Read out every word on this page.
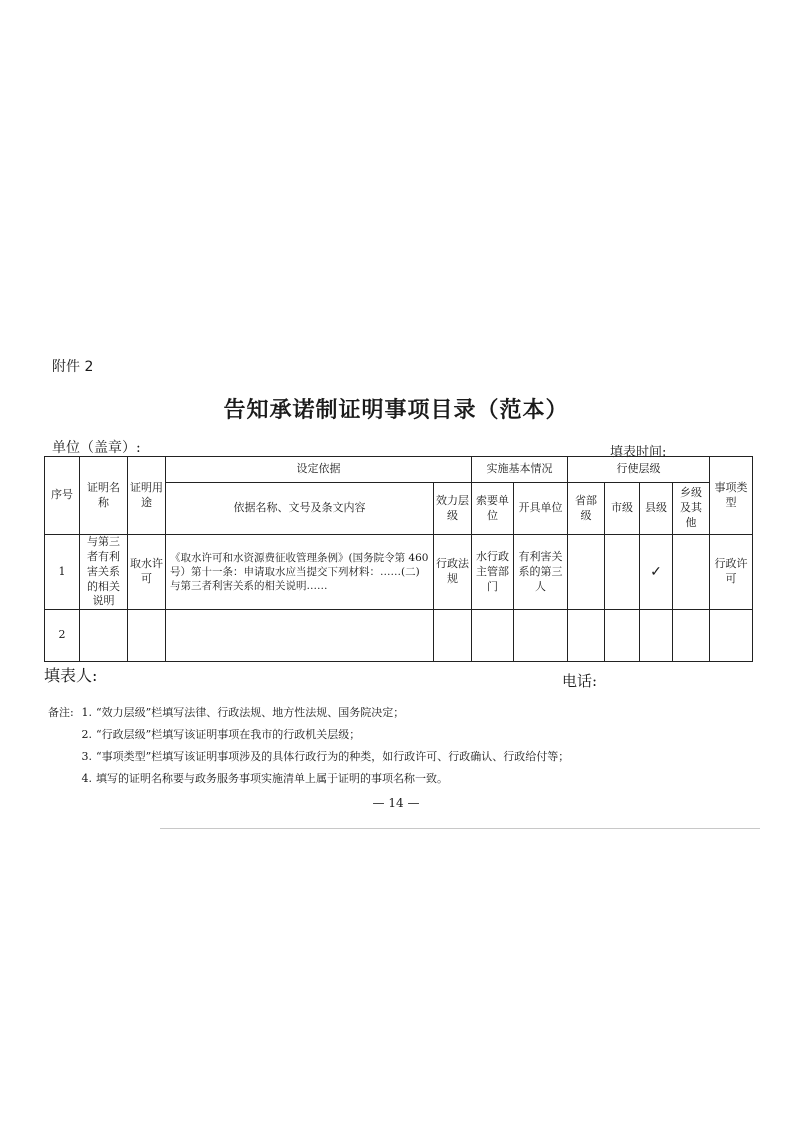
附件 2
告知承诺制证明事项目录（范本）
单位（盖章）:	填表时间:
序号	证明名称	证明用途	设定依据		实施基本情况		行使层级				事项类型
			依据名称、文号及条文内容	效力层级	索要单位	开具单位	省部级	市级	县级	乡级及其他	
1	与第三者有利害关系的相关说明	取水许可	《取水许可和水资源费征收管理条例》(国务院令第 460 号）第十一条：申请取水应当提交下列材料：……(二)与第三者利害关系的相关说明……	行政法规	水行政主管部门	有利害关系的第三人			✓		行政许可
2											
填表人:	电话:
备注: 1. “效力层级”栏填写法律、行政法规、地方性法规、国务院决定；
2. “行政层级”栏填写该证明事项在我市的行政机关层级；
3. “事项类型”栏填写该证明事项涉及的具体行政行为的种类，如行政许可、行政确认、行政给付等；
4. 填写的证明名称要与政务服务事项实施清单上属于证明的事项名称一致。
— 14 —
